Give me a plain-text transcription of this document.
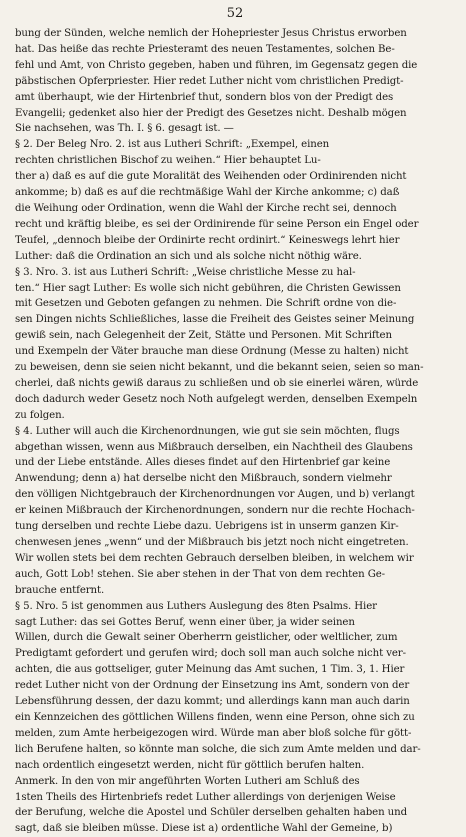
52
bung der Sünden, welche nemlich der Hohepriester Jesus Christus erworben
hat. Das heiße das rechte Priesteramt des neuen Testamentes, solchen Be-
fehl und Amt, von Christo gegeben, haben und führen, im Gegensatz gegen die
päbstischen Opferpriester. Hier redet Luther nicht vom christlichen Predigt-
amt überhaupt, wie der Hirtenbrief thut, sondern blos von der Predigt des
Evangelii; gedenket also hier der Predigt des Gesetzes nicht. Deshalb mögen
Sie nachsehen, was Th. I. § 6. gesagt ist. —
§ 2. Der Beleg Nro. 2. ist aus Lutheri Schrift: „Exempel, einen
rechten christlichen Bischof zu weihen.“ Hier behauptet Lu-
ther a) daß es auf die gute Moralität des Weihenden oder Ordinirenden nicht
ankomme; b) daß es auf die rechtmäßige Wahl der Kirche ankomme; c) daß
die Weihung oder Ordination, wenn die Wahl der Kirche recht sei, dennoch
recht und kräftig bleibe, es sei der Ordinirende für seine Person ein Engel oder
Teufel, „dennoch bleibe der Ordinirte recht ordinirt.“ Keineswegs lehrt hier
Luther: daß die Ordination an sich und als solche nicht nöthig wäre.
§ 3. Nro. 3. ist aus Lutheri Schrift: „Weise christliche Messe zu hal-
ten.“ Hier sagt Luther: Es wolle sich nicht gebühren, die Christen Gewissen
mit Gesetzen und Geboten gefangen zu nehmen. Die Schrift ordne von die-
sen Dingen nichts Schließliches, lasse die Freiheit des Geistes seiner Meinung
gewiß sein, nach Gelegenheit der Zeit, Stätte und Personen. Mit Schriften
und Exempeln der Väter brauche man diese Ordnung (Messe zu halten) nicht
zu beweisen, denn sie seien nicht bekannt, und die bekannt seien, seien so man-
cherlei, daß nichts gewiß daraus zu schließen und ob sie einerlei wären, würde
doch dadurch weder Gesetz noch Noth aufgelegt werden, denselben Exempeln
zu folgen.
§ 4. Luther will auch die Kirchenordnungen, wie gut sie sein möchten, flugs
abgethan wissen, wenn aus Mißbrauch derselben, ein Nachtheil des Glaubens
und der Liebe entstände. Alles dieses findet auf den Hirtenbrief gar keine
Anwendung; denn a) hat derselbe nicht den Mißbrauch, sondern vielmehr
den völligen Nichtgebrauch der Kirchenordnungen vor Augen, und b) verlangt
er keinen Mißbrauch der Kirchenordnungen, sondern nur die rechte Hochach-
tung derselben und rechte Liebe dazu. Uebrigens ist in unserm ganzen Kir-
chenwesen jenes „wenn“ und der Mißbrauch bis jetzt noch nicht eingetreten.
Wir wollen stets bei dem rechten Gebrauch derselben bleiben, in welchem wir
auch, Gott Lob! stehen. Sie aber stehen in der That von dem rechten Ge-
brauche entfernt.
§ 5. Nro. 5 ist genommen aus Luthers Auslegung des 8ten Psalms. Hier
sagt Luther: das sei Gottes Beruf, wenn einer über, ja wider seinen
Willen, durch die Gewalt seiner Oberherrn geistlicher, oder weltlicher, zum
Predigtamt gefordert und gerufen wird; doch soll man auch solche nicht ver-
achten, die aus gottseliger, guter Meinung das Amt suchen, 1 Tim. 3, 1. Hier
redet Luther nicht von der Ordnung der Einsetzung ins Amt, sondern von der
Lebensführung dessen, der dazu kommt; und allerdings kann man auch darin
ein Kennzeichen des göttlichen Willens finden, wenn eine Person, ohne sich zu
melden, zum Amte herbeigezogen wird. Würde man aber bloß solche für gött-
lich Berufene halten, so könnte man solche, die sich zum Amte melden und dar-
nach ordentlich eingesetzt werden, nicht für göttlich berufen halten.
Anmerk. In den von mir angeführten Worten Lutheri am Schluß des
1sten Theils des Hirtenbriefs redet Luther allerdings von derjenigen Weise
der Berufung, welche die Apostel und Schüler derselben gehalten haben und
sagt, daß sie bleiben müsse. Diese ist a) ordentliche Wahl der Gemeine, b)
